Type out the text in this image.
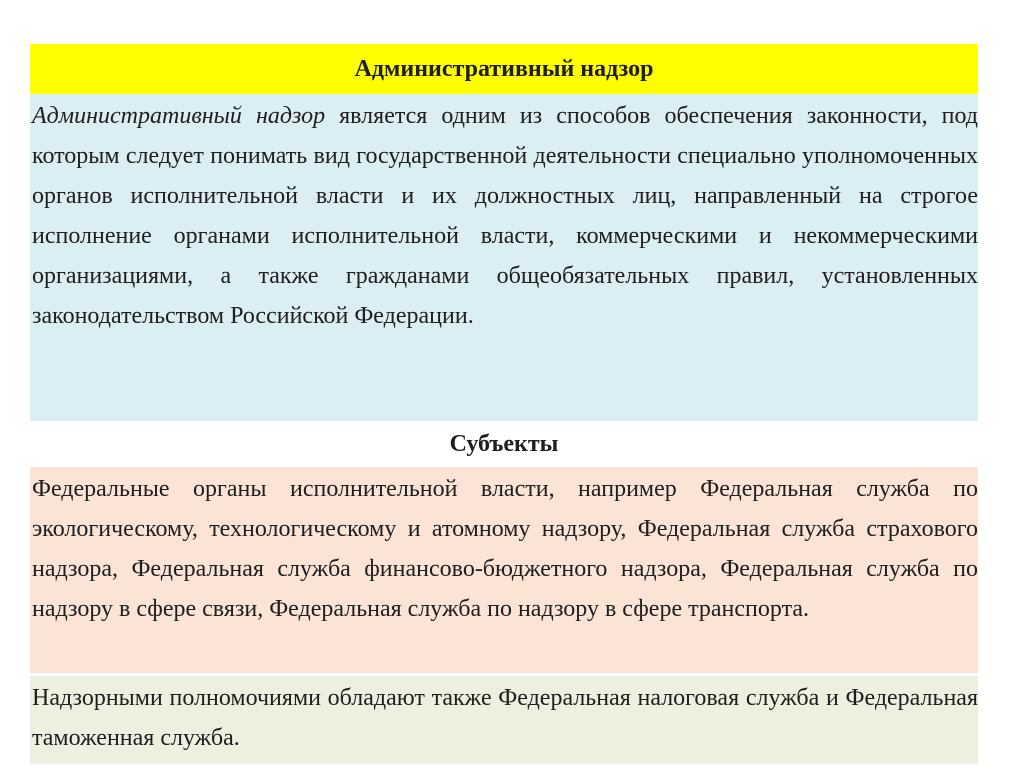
Административный надзор

Административный надзор является одним из способов обеспечения законности, под которым следует понимать вид государственной деятельности специально уполномоченных органов исполнительной власти и их должностных лиц, направленный на строгое исполнение органами исполнительной власти, коммерческими и некоммерческими организациями, а также гражданами общеобязательных правил, установленных законодательством Российской Федерации.

Субъекты

Федеральные органы исполнительной власти, например Федеральная служба по экологическому, технологическому и атомному надзору, Федеральная служба страхового надзора, Федеральная служба финансово-бюджетного надзора, Федеральная служба по надзору в сфере связи, Федеральная служба по надзору в сфере транспорта.

Надзорными полномочиями обладают также Федеральная налоговая служба и Федеральная таможенная служба.
